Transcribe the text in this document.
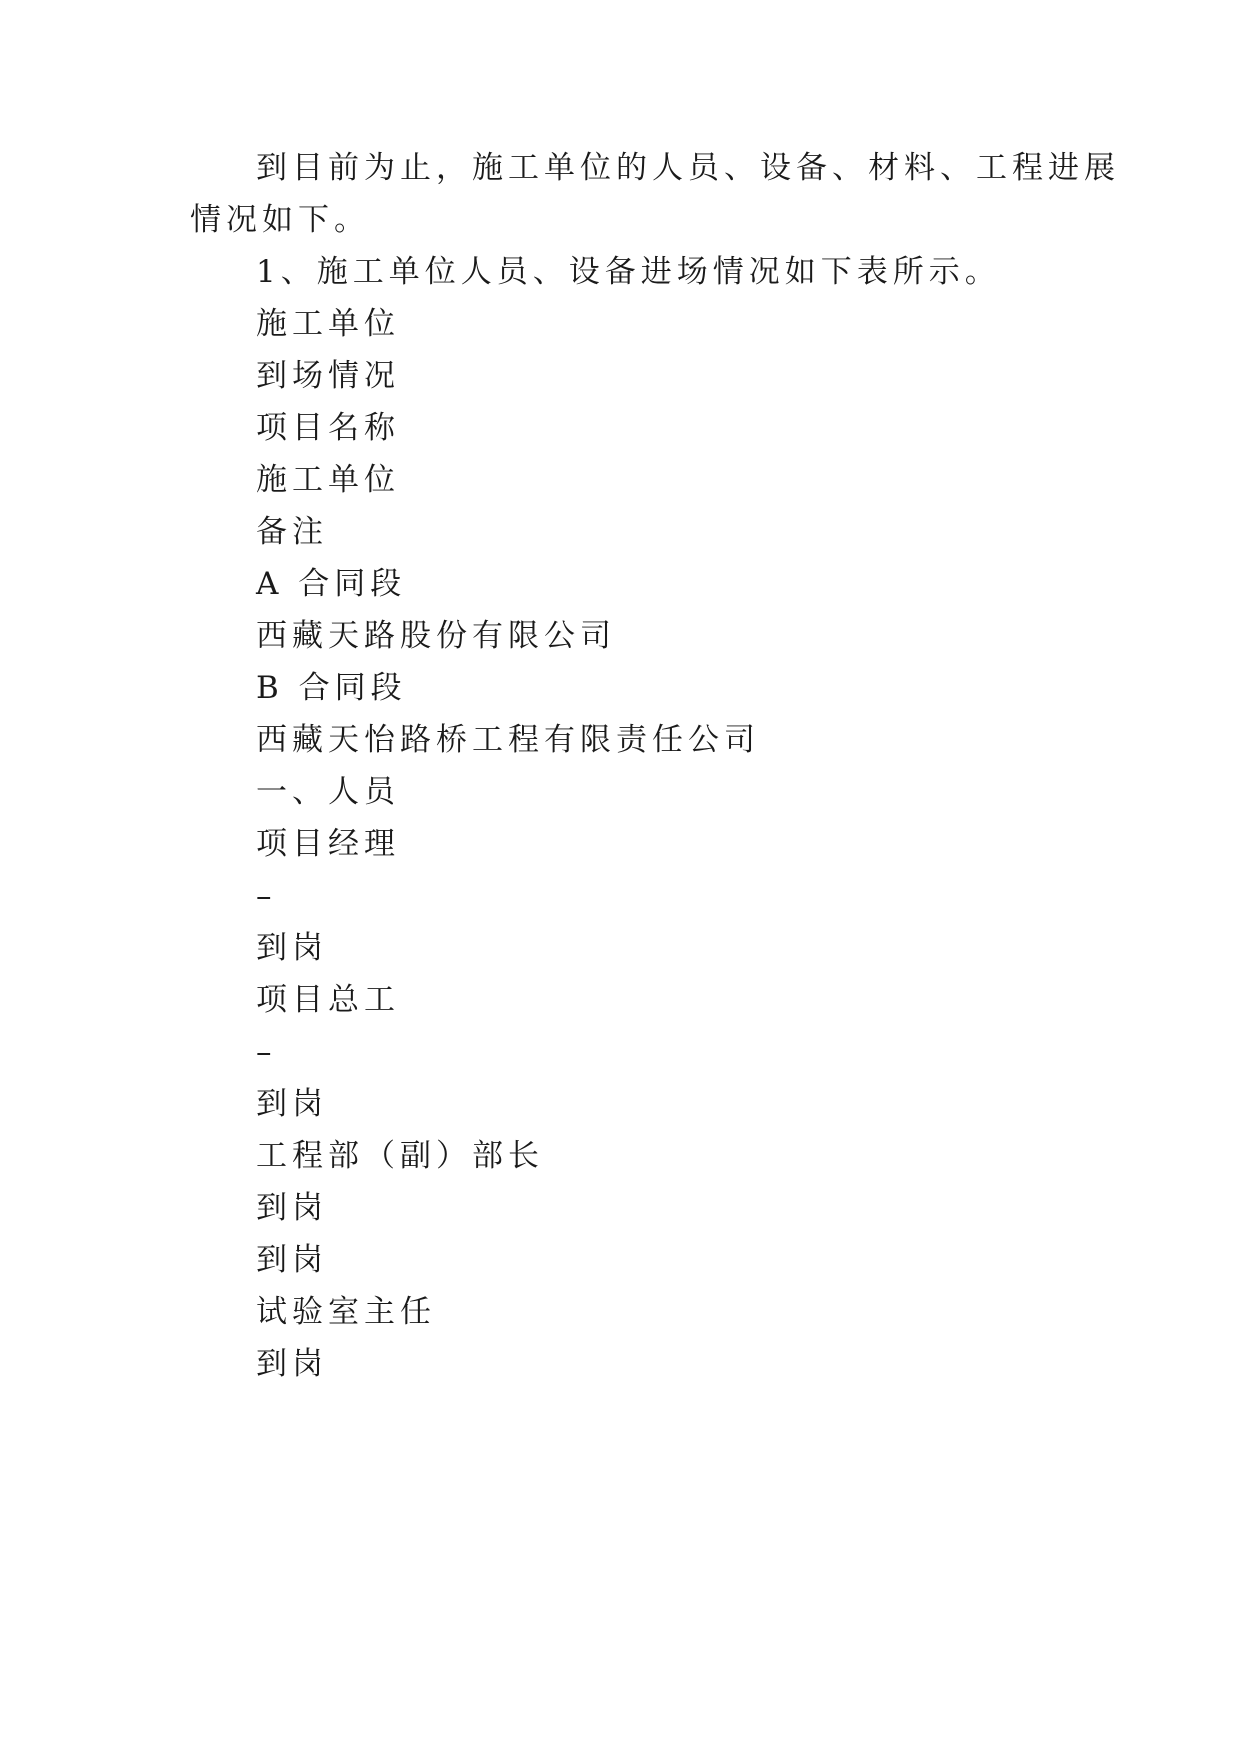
到目前为止，施工单位的人员、设备、材料、工程进展
情况如下。
1、施工单位人员、设备进场情况如下表所示。
施工单位
到场情况
项目名称
施工单位
备注
A 合同段
西藏天路股份有限公司
B 合同段
西藏天怡路桥工程有限责任公司
一、人员
项目经理
–
到岗
项目总工
–
到岗
工程部（副）部长
到岗
到岗
试验室主任
到岗
